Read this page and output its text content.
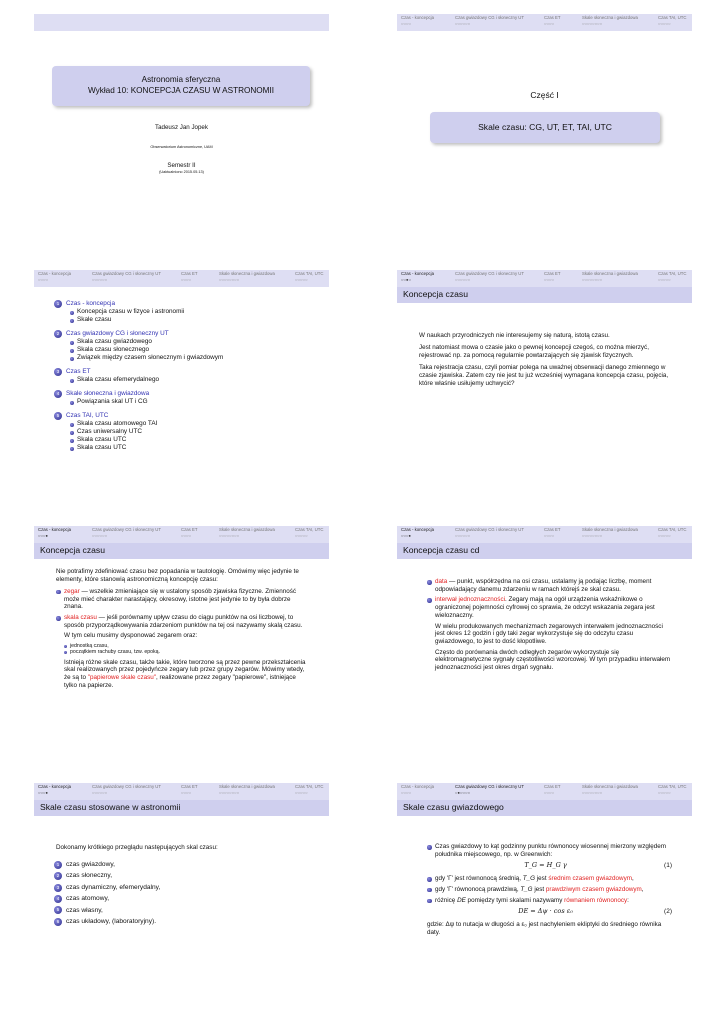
Astronomia sferyczna
Wykład 10: KONCEPCJA CZASU W ASTRONOMII
Tadeusz Jan Jopek
Obserwatorium Astronomiczne, UAM
Semestr II
(Uaktualniono 2015.05.13)
Czas - koncepcja
○○○○
Czas gwiazdowy CG i słoneczny UT
○○○○○○
Czas ET
○○○○
Skale słoneczna i gwiazdowa
○○○○○○○○
Czas TAI, UTC
○○○○○
Część I
Skale czasu: CG, UT, ET, TAI, UTC
Czas - koncepcja
○○○○
Czas gwiazdowy CG i słoneczny UT
○○○○○○
Czas ET
○○○○
Skale słoneczna i gwiazdowa
○○○○○○○○
Czas TAI, UTC
○○○○○
1	Czas - koncepcja
Koncepcja czasu w fizyce i astronomii
Skale czasu
2	Czas gwiazdowy CG i słoneczny UT
Skala czasu gwiazdowego
Skala czasu słonecznego
Związek między czasem słonecznym i gwiazdowym
3	Czas ET
Skala czasu efemerydalnego
4	Skale słoneczna i gwiazdowa
Powiązania skal UT i CG
5	Czas TAI, UTC
Skala czasu atomowego TAI
Czas uniwersalny UTC
Skala czasu UTC
Skala czasu UTC
Czas - koncepcja
○○●○
Czas gwiazdowy CG i słoneczny UT
○○○○○○
Czas ET
○○○○
Skale słoneczna i gwiazdowa
○○○○○○○○
Czas TAI, UTC
○○○○○
Koncepcja czasu

W naukach przyrodniczych nie interesujemy się naturą, istotą czasu.

Jest natomiast mowa o czasie jako o pewnej koncepcji czegoś, co można mierzyć, rejestrować np. za pomocą regularnie powtarzających się zjawisk fizycznych.

Taka rejestracja czasu, czyli pomiar polega na uważnej obserwacji danego zmiennego w czasie zjawiska. Zatem czy nie jest tu już wcześniej wymagana koncepcja czasu, pojęcia, które właśnie usiłujemy uchwycić?

Czas - koncepcja
○○○●
Czas gwiazdowy CG i słoneczny UT
○○○○○○
Czas ET
○○○○
Skale słoneczna i gwiazdowa
○○○○○○○○
Czas TAI, UTC
○○○○○
Koncepcja czasu

Nie potrafimy zdefiniować czasu bez popadania w tautologię. Omówimy więc jedynie te elementy, które stanowią astronomiczną koncepcję czasu:

zegar — wszelkie zmieniające się w ustalony sposób zjawiska fizyczne. Zmienność może mieć charakter narastający, okresowy, istotne jest jedynie to by była dobrze znana.
skala czasu — jeśli porównamy upływ czasu do ciągu punktów na osi liczbowej, to sposób przyporządkowywania zdarzeniom punktów na tej osi nazywamy skalą czasu.

W tym celu musimy dysponować zegarem oraz:

jednostką czasu,
początkiem rachuby czasu, tzw. epoką.

Istnieją różne skale czasu, także takie, które tworzone są przez pewne przekształcenia skal realizowanych przez pojedyńcze zegary lub przez grupy zegarów. Mówimy wtedy, że są to "papierowe skale czasu", realizowane przez zegary "papierowe", istniejące tylko na papierze.

Czas - koncepcja
○○○●
Czas gwiazdowy CG i słoneczny UT
○○○○○○
Czas ET
○○○○
Skale słoneczna i gwiazdowa
○○○○○○○○
Czas TAI, UTC
○○○○○
Koncepcja czasu cd
data — punkt, współrzędna na osi czasu, ustalamy ją podając liczbę, moment odpowiadający danemu zdarzeniu w ramach którejś ze skal czasu.
interwał jednoznaczności. Zegary mają na ogół urządzenia wskaźnikowe o ograniczonej pojemności cyfrowej co sprawia, że odczyt wskazania zegara jest wieloznaczny.

W wielu produkowanych mechanizmach zegarowych interwałem jednoznaczności jest okres 12 godzin i gdy taki zegar wykorzystuje się do odczytu czasu gwiazdowego, to jest to dość kłopotliwe.

Często do porównania dwóch odległych zegarów wykorzystuje się elektromagnetyczne sygnały częstotliwości wzorcowej. W tym przypadku interwałem jednoznaczności jest okres drgań sygnału.

Czas - koncepcja
○○○●
Czas gwiazdowy CG i słoneczny UT
○○○○○○
Czas ET
○○○○
Skale słoneczna i gwiazdowa
○○○○○○○○
Czas TAI, UTC
○○○○○
Skale czasu stosowane w astronomii
Dokonamy krótkiego przeglądu następujących skal czasu:
1	czas gwiazdowy,
2	czas słoneczny,
3	czas dynamiczny, efemerydalny,
4	czas atomowy,
5	czas własny,
6	czas układowy, (laboratoryjny).
Czas - koncepcja
○○○○
Czas gwiazdowy CG i słoneczny UT
○●○○○○
Czas ET
○○○○
Skale słoneczna i gwiazdowa
○○○○○○○○
Czas TAI, UTC
○○○○○
Skale czasu gwiazdowego
Czas gwiazdowy to kąt godzinny punktu równonocy wiosennej mierzony względem południka miejscowego, np. w Greenwich:
T_G = H_G γ	(1)
gdy 'Γ' jest równonocą średnią, T_G jest średnim czasem gwiazdowym,
gdy 'Γ' równonocą prawdziwą, T_G jest prawdziwym czasem gwiazdowym,
różnicę DE pomiędzy tymi skalami nazywamy równaniem równonocy:
DE = Δψ · cos ε₀	(2)

gdzie: Δψ to nutacja w długości a ε₀ jest nachyleniem ekliptyki do średniego równika daty.
